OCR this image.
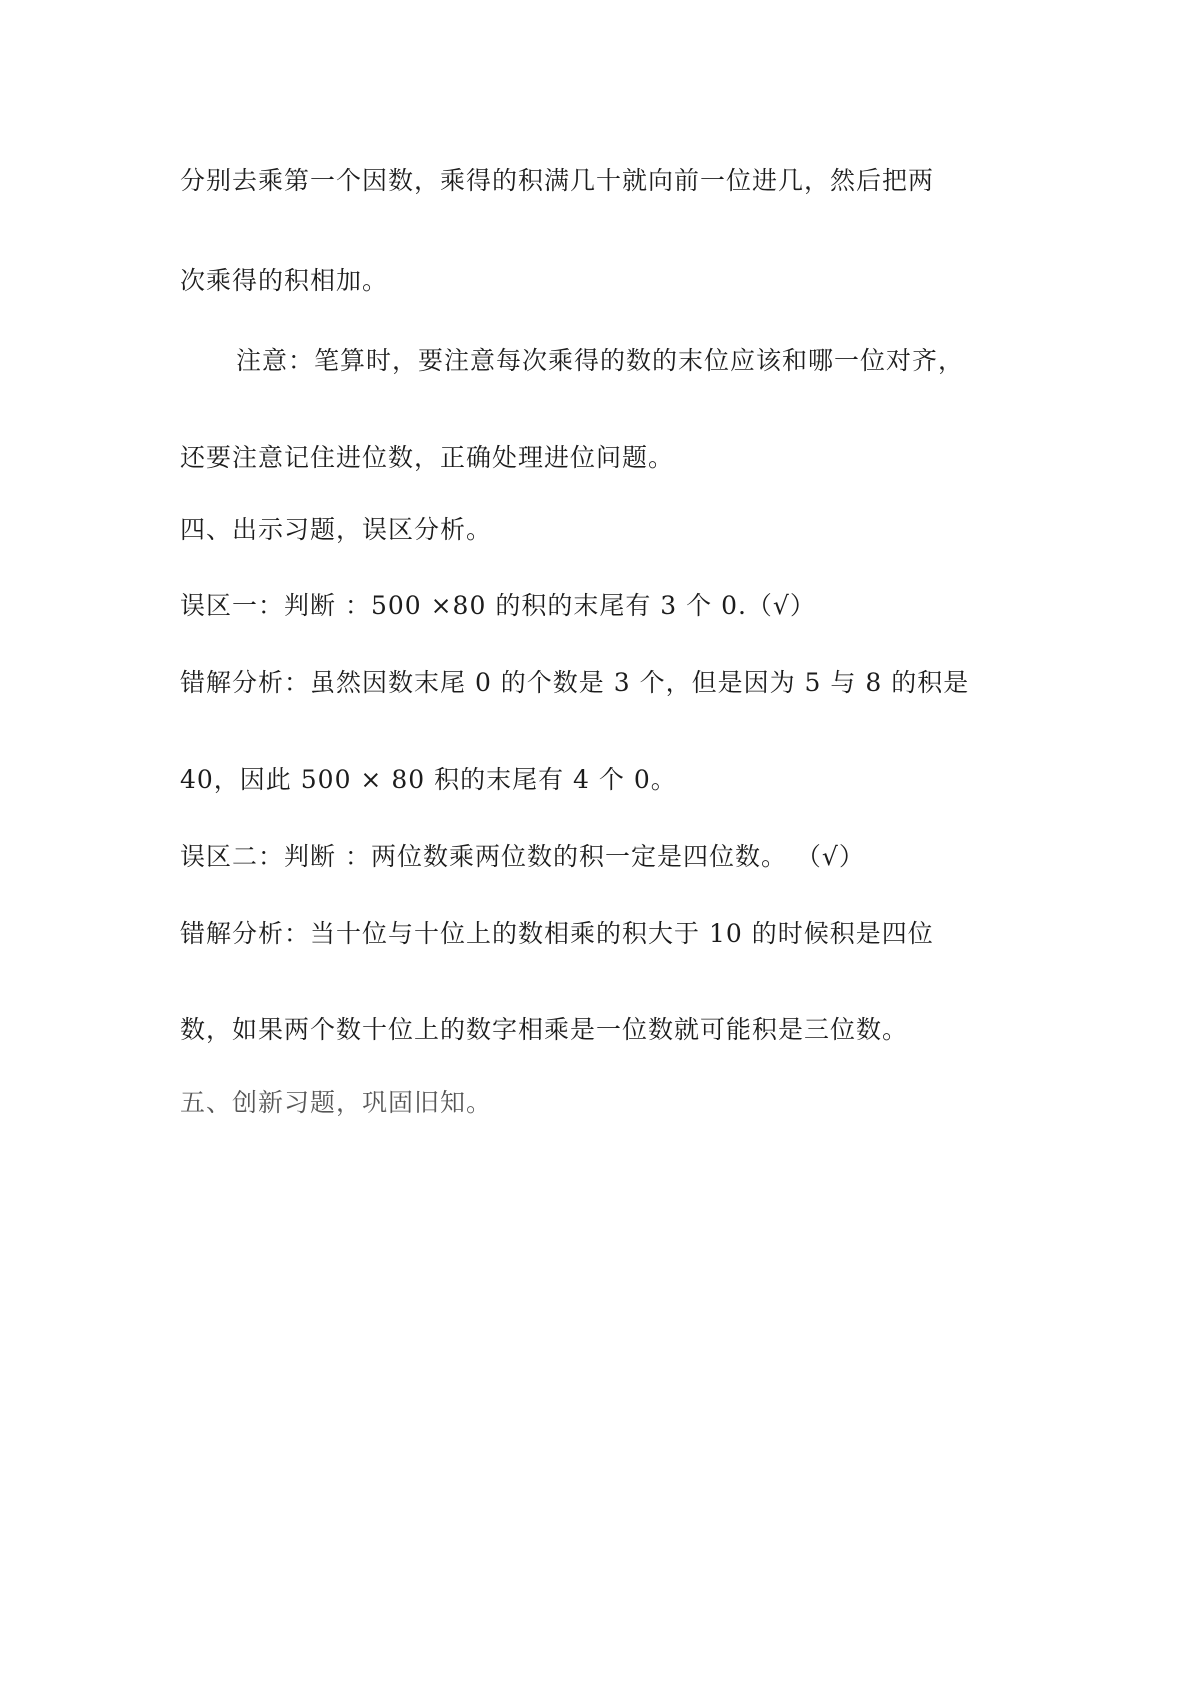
分别去乘第一个因数，乘得的积满几十就向前一位进几，然后把两
次乘得的积相加。
注意：笔算时，要注意每次乘得的数的末位应该和哪一位对齐，
还要注意记住进位数，正确处理进位问题。
四、出示习题，误区分析。
误区一：判断 ：500 ×80 的积的末尾有 3 个 0.（√）
错解分析：虽然因数末尾 0 的个数是 3 个，但是因为 5 与 8 的积是
40，因此 500 × 80 积的末尾有 4 个 0。
误区二：判断 ：两位数乘两位数的积一定是四位数。 （√）
错解分析：当十位与十位上的数相乘的积大于 10 的时候积是四位
数，如果两个数十位上的数字相乘是一位数就可能积是三位数。
五、创新习题，巩固旧知。
